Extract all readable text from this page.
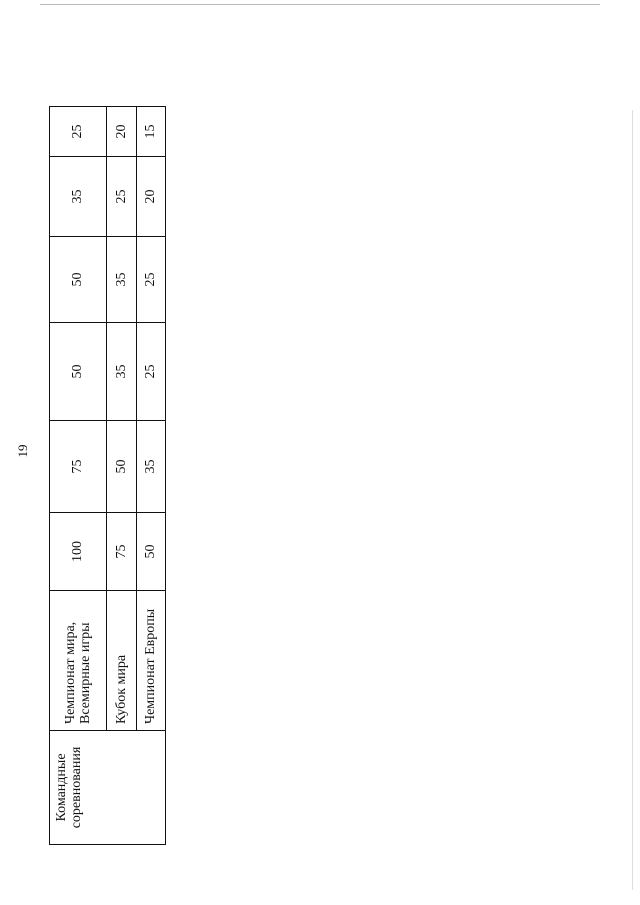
19
Командные соревнования	Чемпионат мира, Всемирные игры	100	75	50	50	35	25
	Кубок мира	75	50	35	35	25	20
	Чемпионат Европы	50	35	25	25	20	15
